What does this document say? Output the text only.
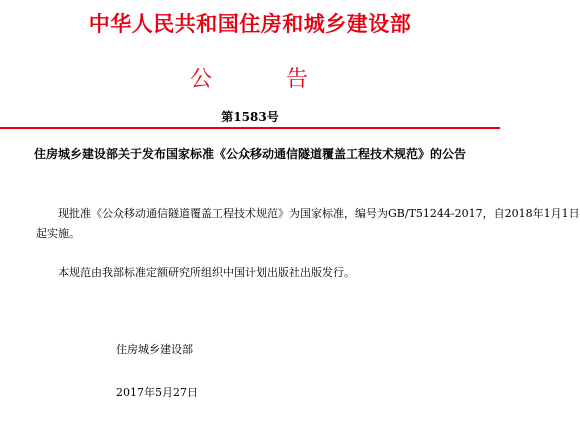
中华人民共和国住房和城乡建设部
公	告
第1583号
住房城乡建设部关于发布国家标准《公众移动通信隧道覆盖工程技术规范》的公告
现批准《公众移动通信隧道覆盖工程技术规范》为国家标准，编号为GB/T51244-2017，自2018年1月1日
起实施。
本规范由我部标准定额研究所组织中国计划出版社出版发行。
住房城乡建设部
2017年5月27日
